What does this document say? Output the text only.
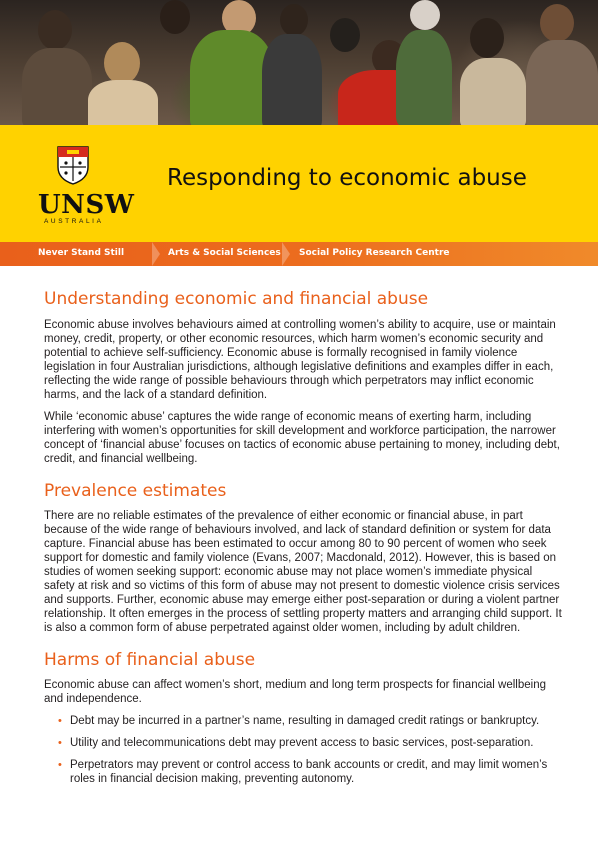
UNSW
AUSTRALIA
Responding to economic abuse
Never Stand Still	Arts & Social Sciences Social Policy Research Centre
Understanding economic and financial abuse

Economic abuse involves behaviours aimed at controlling women’s ability to acquire, use or maintain money, credit, property, or other economic resources, which harm women’s economic security and potential to achieve self-sufficiency. Economic abuse is formally recognised in family violence legislation in four Australian jurisdictions, although legislative definitions and examples differ in each, reflecting the wide range of possible behaviours through which perpetrators may inflict economic harms, and the lack of a standard definition.

While ‘economic abuse’ captures the wide range of economic means of exerting harm, including interfering with women’s opportunities for skill development and workforce participation, the narrower concept of ‘financial abuse’ focuses on tactics of economic abuse pertaining to money, including debt, credit, and financial wellbeing.

Prevalence estimates

There are no reliable estimates of the prevalence of either economic or financial abuse, in part because of the wide range of behaviours involved, and lack of standard definition or system for data capture. Financial abuse has been estimated to occur among 80 to 90 percent of women who seek support for domestic and family violence (Evans, 2007; Macdonald, 2012). However, this is based on studies of women seeking support: economic abuse may not place women’s immediate physical safety at risk and so victims of this form of abuse may not present to domestic violence crisis services and supports. Further, economic abuse may emerge either post-separation or during a violent partner relationship. It often emerges in the process of settling property matters and arranging child support. It is also a common form of abuse perpetrated against older women, including by adult children.

Harms of financial abuse

Economic abuse can affect women’s short, medium and long term prospects for financial wellbeing and independence.

• Debt may be incurred in a partner’s name, resulting in damaged credit ratings or bankruptcy.
• Utility and telecommunications debt may prevent access to basic services, post-separation.
• Perpetrators may prevent or control access to bank accounts or credit, and may limit women’s roles in financial decision making, preventing autonomy.
